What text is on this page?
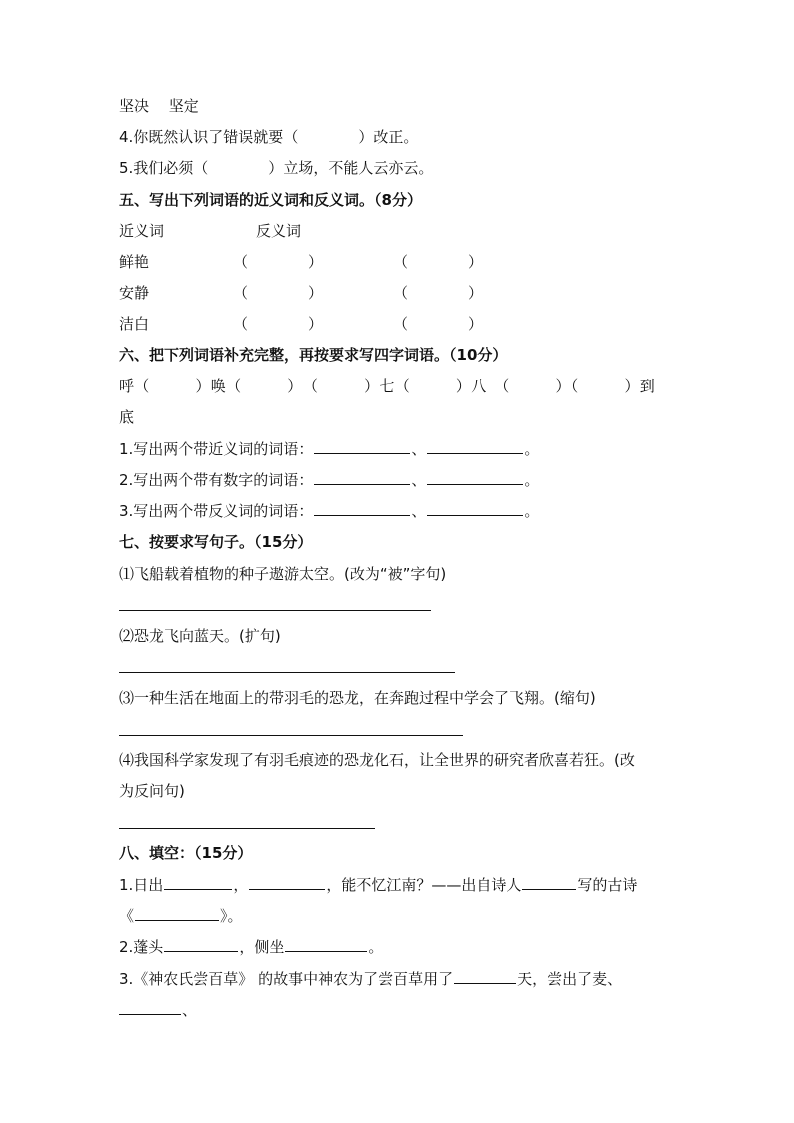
坚决　 坚定
4.你既然认识了错误就要（　　　　）改正。
5.我们必须（　　　　）立场，不能人云亦云。
五、写出下列词语的近义词和反义词。（8分）
近义词	反义词
鲜艳	（　　　　）	（　　　　）
安静	（　　　　）	（　　　　）
洁白	（　　　　）	（　　　　）
六、把下列词语补充完整，再按要求写四字词语。（10分）
呼（　　　）唤（　　　）　（　　　）七（　　　）八　（　　　）（　　　）到
底
1.写出两个带近义词的词语：	、	。
2.写出两个带有数字的词语：	、	。
3.写出两个带反义词的词语：	、	。
七、按要求写句子。（15分）
⑴飞船载着植物的种子遨游太空。(改为“被”字句)
⑵恐龙飞向蓝天。(扩句)
⑶一种生活在地面上的带羽毛的恐龙，在奔跑过程中学会了飞翔。(缩句)
⑷我国科学家发现了有羽毛痕迹的恐龙化石，让全世界的研究者欣喜若狂。(改
为反问句)
八、填空：（15分）
1.日出	，	，能不忆江南？——出自诗人	写的古诗
《	》。
2.蓬头	，侧坐	。
3.《神农氏尝百草》 的故事中神农为了尝百草用了	天，尝出了麦、
、
